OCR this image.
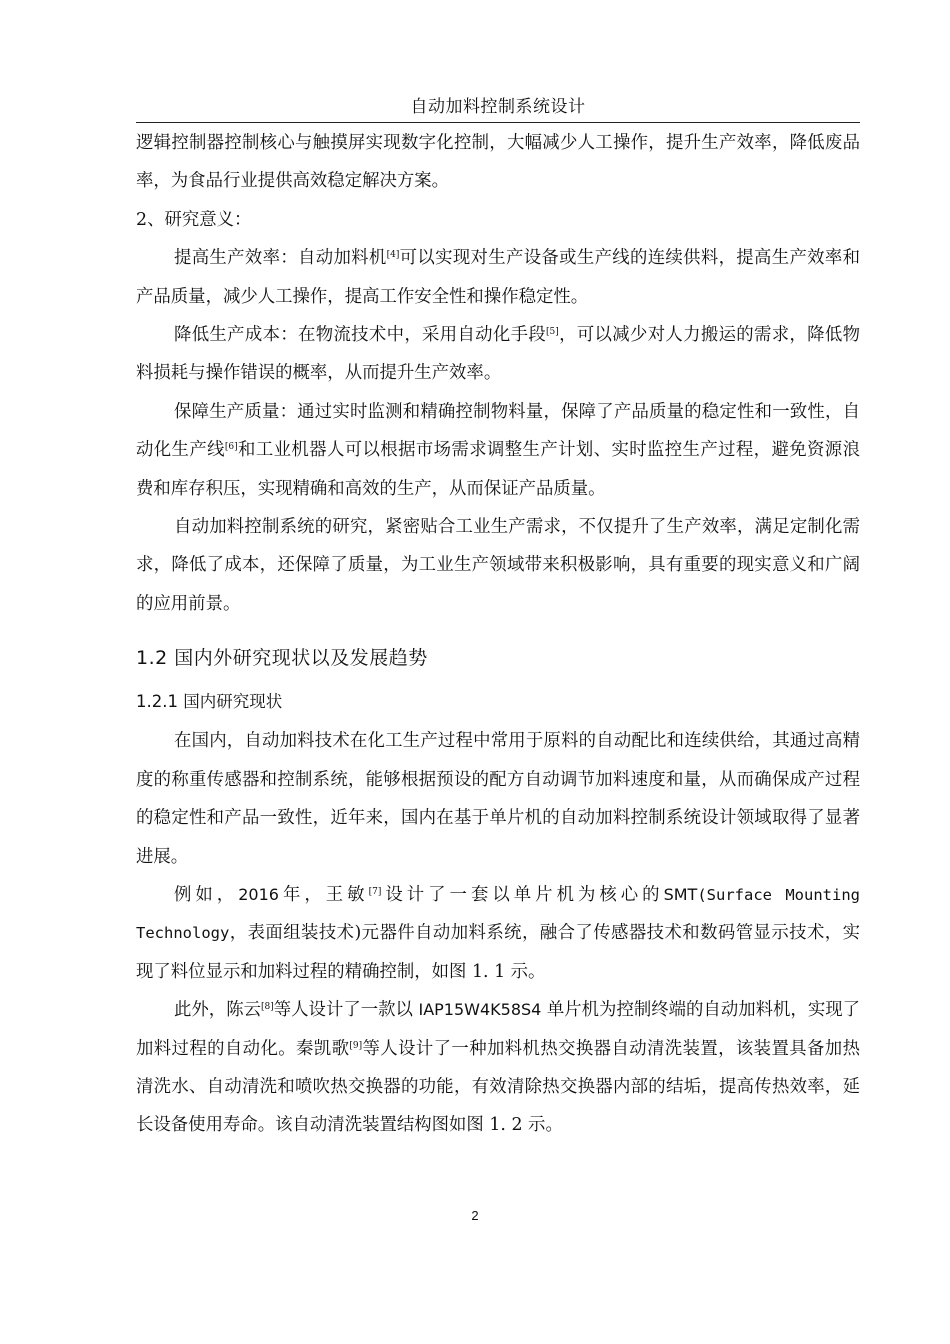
自动加料控制系统设计

逻辑控制器控制核心与触摸屏实现数字化控制，大幅减少人工操作，提升生产效率，降低废品率，为食品行业提供高效稳定解决方案。

2、研究意义：

提高生产效率：自动加料机[4]可以实现对生产设备或生产线的连续供料，提高生产效率和产品质量，减少人工操作，提高工作安全性和操作稳定性。

降低生产成本：在物流技术中，采用自动化手段[5]，可以减少对人力搬运的需求，降低物料损耗与操作错误的概率，从而提升生产效率。

保障生产质量：通过实时监测和精确控制物料量，保障了产品质量的稳定性和一致性，自动化生产线[6]和工业机器人可以根据市场需求调整生产计划、实时监控生产过程，避免资源浪费和库存积压，实现精确和高效的生产，从而保证产品质量。

自动加料控制系统的研究，紧密贴合工业生产需求，不仅提升了生产效率，满足定制化需求，降低了成本，还保障了质量，为工业生产领域带来积极影响，具有重要的现实意义和广阔的应用前景。

1.2 国内外研究现状以及发展趋势
1.2.1 国内研究现状

在国内，自动加料技术在化工生产过程中常用于原料的自动配比和连续供给，其通过高精度的称重传感器和控制系统，能够根据预设的配方自动调节加料速度和量，从而确保成产过程的稳定性和产品一致性，近年来，国内在基于单片机的自动加料控制系统设计领域取得了显著进展。

例如，2016年，王敏[7]设计了一套以单片机为核心的SMT(Surface Mounting Technology，表面组装技术)元器件自动加料系统，融合了传感器技术和数码管显示技术，实现了料位显示和加料过程的精确控制，如图 1. 1 示。

此外，陈云[8]等人设计了一款以 IAP15W4K58S4 单片机为控制终端的自动加料机，实现了加料过程的自动化。秦凯歌[9]等人设计了一种加料机热交换器自动清洗装置，该装置具备加热清洗水、自动清洗和喷吹热交换器的功能，有效清除热交换器内部的结垢，提高传热效率，延长设备使用寿命。该自动清洗装置结构图如图 1. 2 示。

2
